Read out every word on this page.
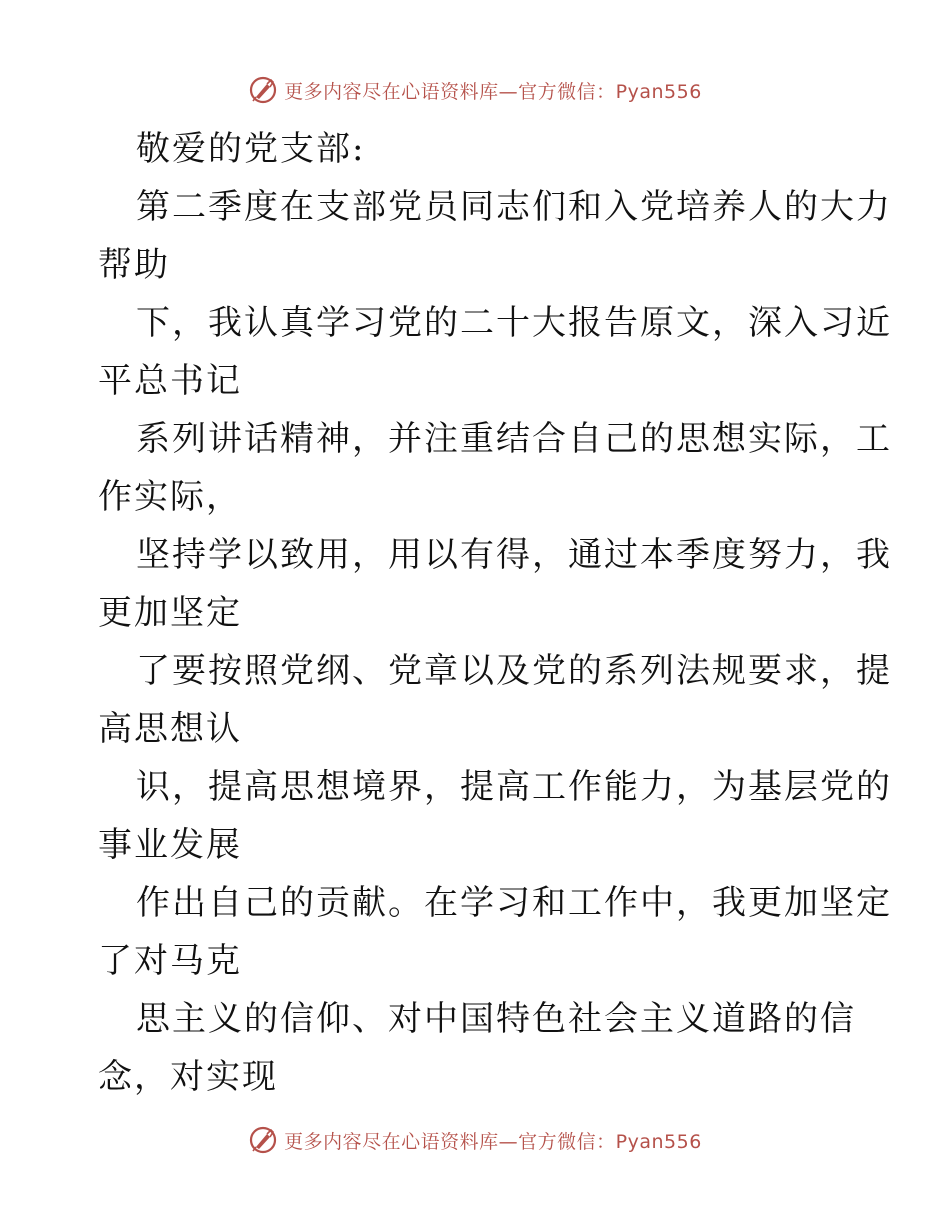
更多内容尽在心语资料库—官方微信：Pyan556
敬爱的党支部:
第二季度在支部党员同志们和入党培养人的大力
帮助
下，我认真学习党的二十大报告原文，深入习近
平总书记
系列讲话精神，并注重结合自己的思想实际，工
作实际，
坚持学以致用，用以有得，通过本季度努力，我
更加坚定
了要按照党纲、党章以及党的系列法规要求，提
高思想认
识，提高思想境界，提高工作能力，为基层党的
事业发展
作出自己的贡献。在学习和工作中，我更加坚定
了对马克
思主义的信仰、对中国特色社会主义道路的信
念，对实现
更多内容尽在心语资料库—官方微信：Pyan556
